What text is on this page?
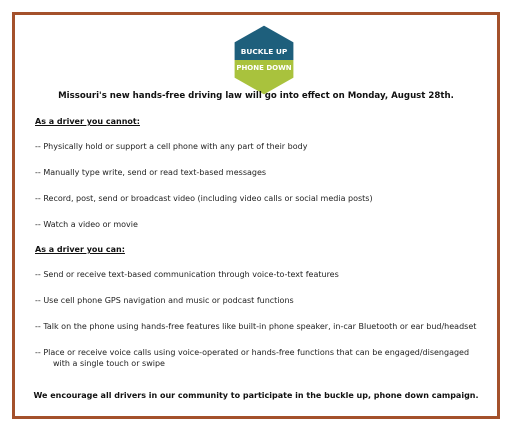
BUCKLE UP
PHONE DOWN
Missouri's new hands-free driving law will go into effect on Monday, August 28th.
As a driver you cannot:
-- Physically hold or support a cell phone with any part of their body
-- Manually type write, send or read text-based messages
-- Record, post, send or broadcast video (including video calls or social media posts)
-- Watch a video or movie
As a driver you can:
-- Send or receive text-based communication through voice-to-text features
-- Use cell phone GPS navigation and music or podcast functions
-- Talk on the phone using hands-free features like built-in phone speaker, in-car Bluetooth or ear bud/headset
-- Place or receive voice calls using voice-operated or hands-free functions that can be engaged/disengaged with a single touch or swipe
We encourage all drivers in our community to participate in the buckle up, phone down campaign.
